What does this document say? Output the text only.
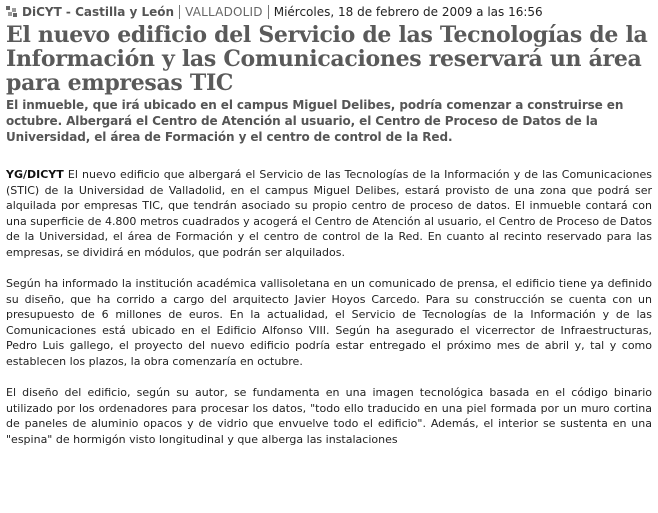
DiCYT - Castilla y León VALLADOLID Miércoles, 18 de febrero de 2009 a las 16:56
El nuevo edificio del Servicio de las Tecnologías de la Información y las Comunicaciones reservará un área para empresas TIC
El inmueble, que irá ubicado en el campus Miguel Delibes, podría comenzar a construirse en octubre. Albergará el Centro de Atención al usuario, el Centro de Proceso de Datos de la Universidad, el área de Formación y el centro de control de la Red.

YG/DICYT El nuevo edificio que albergará el Servicio de las Tecnologías de la Información y de las Comunicaciones (STIC) de la Universidad de Valladolid, en el campus Miguel Delibes, estará provisto de una zona que podrá ser alquilada por empresas TIC, que tendrán asociado su propio centro de proceso de datos. El inmueble contará con una superficie de 4.800 metros cuadrados y acogerá el Centro de Atención al usuario, el Centro de Proceso de Datos de la Universidad, el área de Formación y el centro de control de la Red. En cuanto al recinto reservado para las empresas, se dividirá en módulos, que podrán ser alquilados.

Según ha informado la institución académica vallisoletana en un comunicado de prensa, el edificio tiene ya definido su diseño, que ha corrido a cargo del arquitecto Javier Hoyos Carcedo. Para su construcción se cuenta con un presupuesto de 6 millones de euros. En la actualidad, el Servicio de Tecnologías de la Información y de las Comunicaciones está ubicado en el Edificio Alfonso VIII. Según ha asegurado el vicerrector de Infraestructuras, Pedro Luis gallego, el proyecto del nuevo edificio podría estar entregado el próximo mes de abril y, tal y como establecen los plazos, la obra comenzaría en octubre.

El diseño del edificio, según su autor, se fundamenta en una imagen tecnológica basada en el código binario utilizado por los ordenadores para procesar los datos, "todo ello traducido en una piel formada por un muro cortina de paneles de aluminio opacos y de vidrio que envuelve todo el edificio". Además, el interior se sustenta en una "espina" de hormigón visto longitudinal y que alberga las instalaciones
